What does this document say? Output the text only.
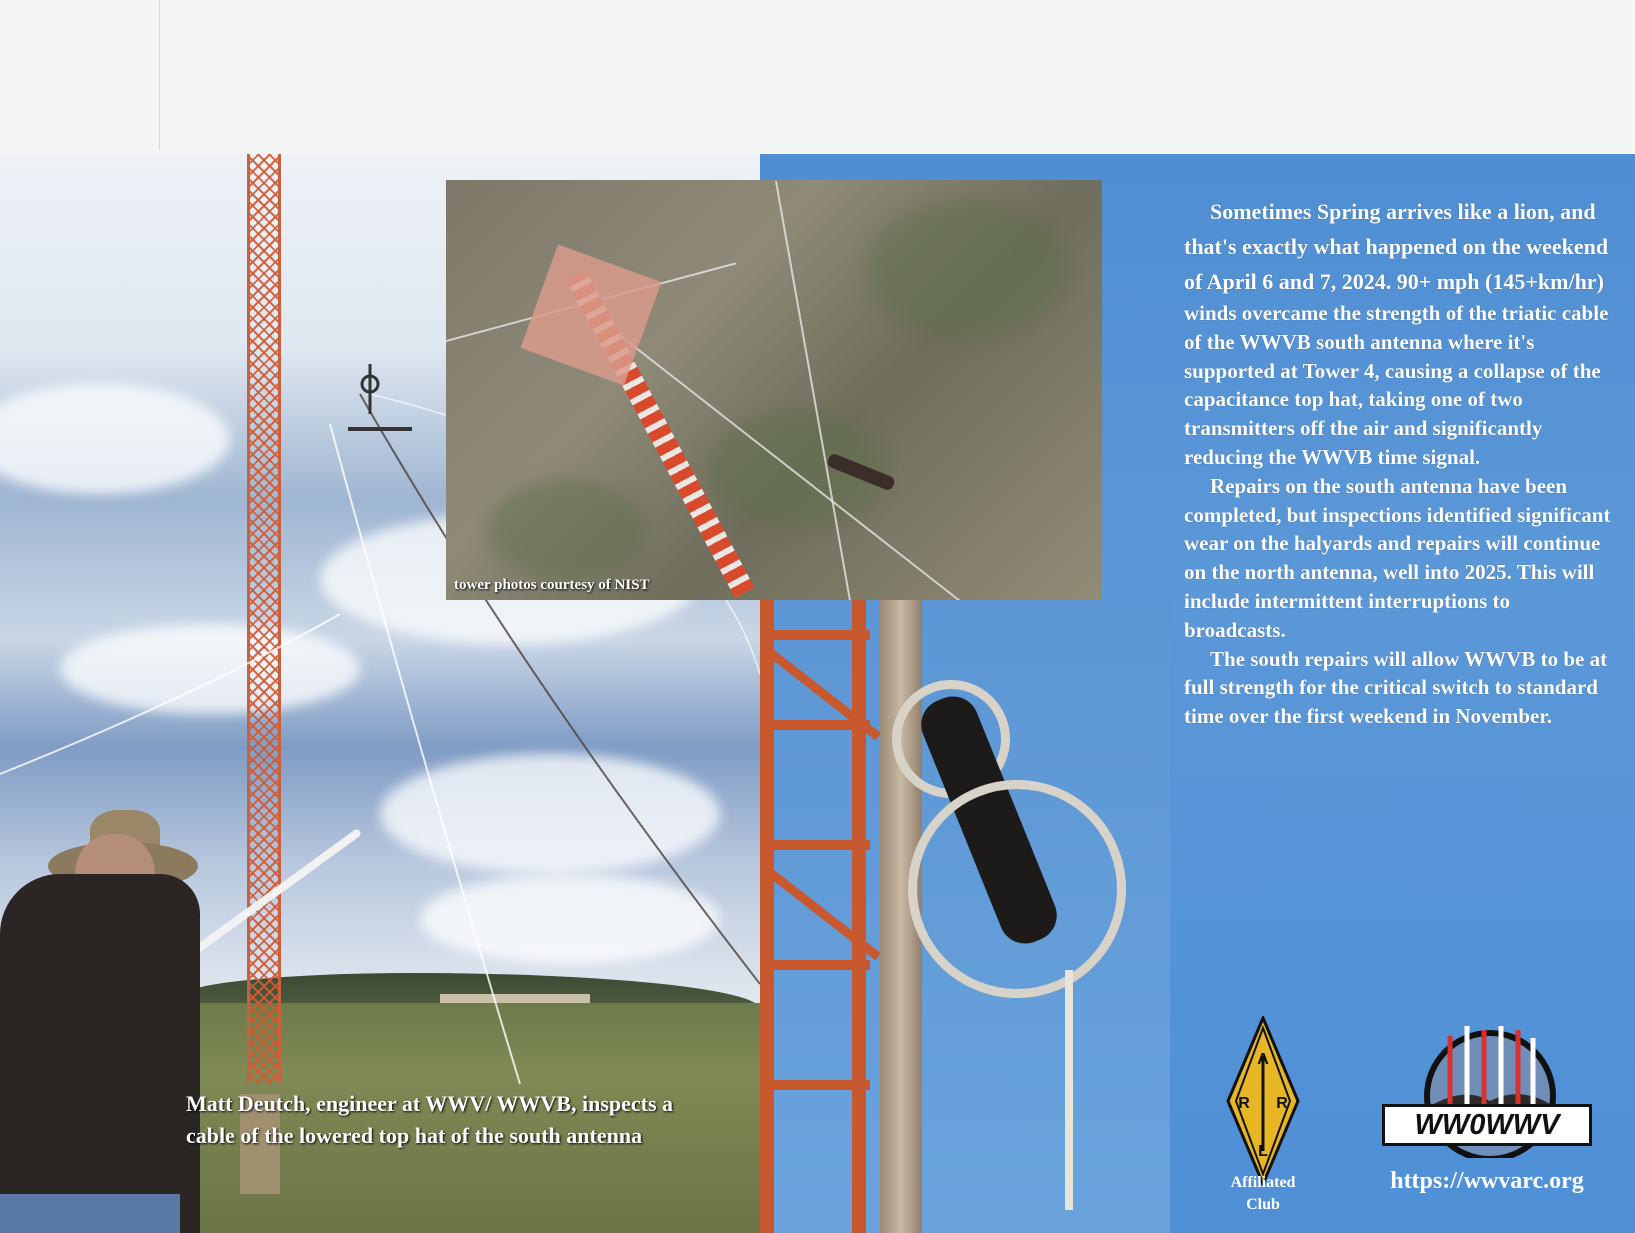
Matt Deutch, engineer at WWV/ WWVB, inspects a cable of the lowered top hat of the south antenna
tower photos courtesy of NIST

Sometimes Spring arrives like a lion, and that's exactly what happened on the weekend of April 6 and 7, 2024. 90+ mph (145+km/hr)

winds overcame the strength of the triatic cable of the WWVB south antenna where it's supported at Tower 4, causing a collapse of the capacitance top hat, taking one of two transmitters off the air and significantly reducing the WWVB time signal.

Repairs on the south antenna have been completed, but inspections identified significant wear on the halyards and repairs will continue on the north antenna, well into 2025. This will include intermittent interruptions to broadcasts.

The south repairs will allow WWVB to be at full strength for the critical switch to standard time over the first weekend in November.

A
R R
L
Affiliated
Club
WW0WWV
https://wwvarc.org
